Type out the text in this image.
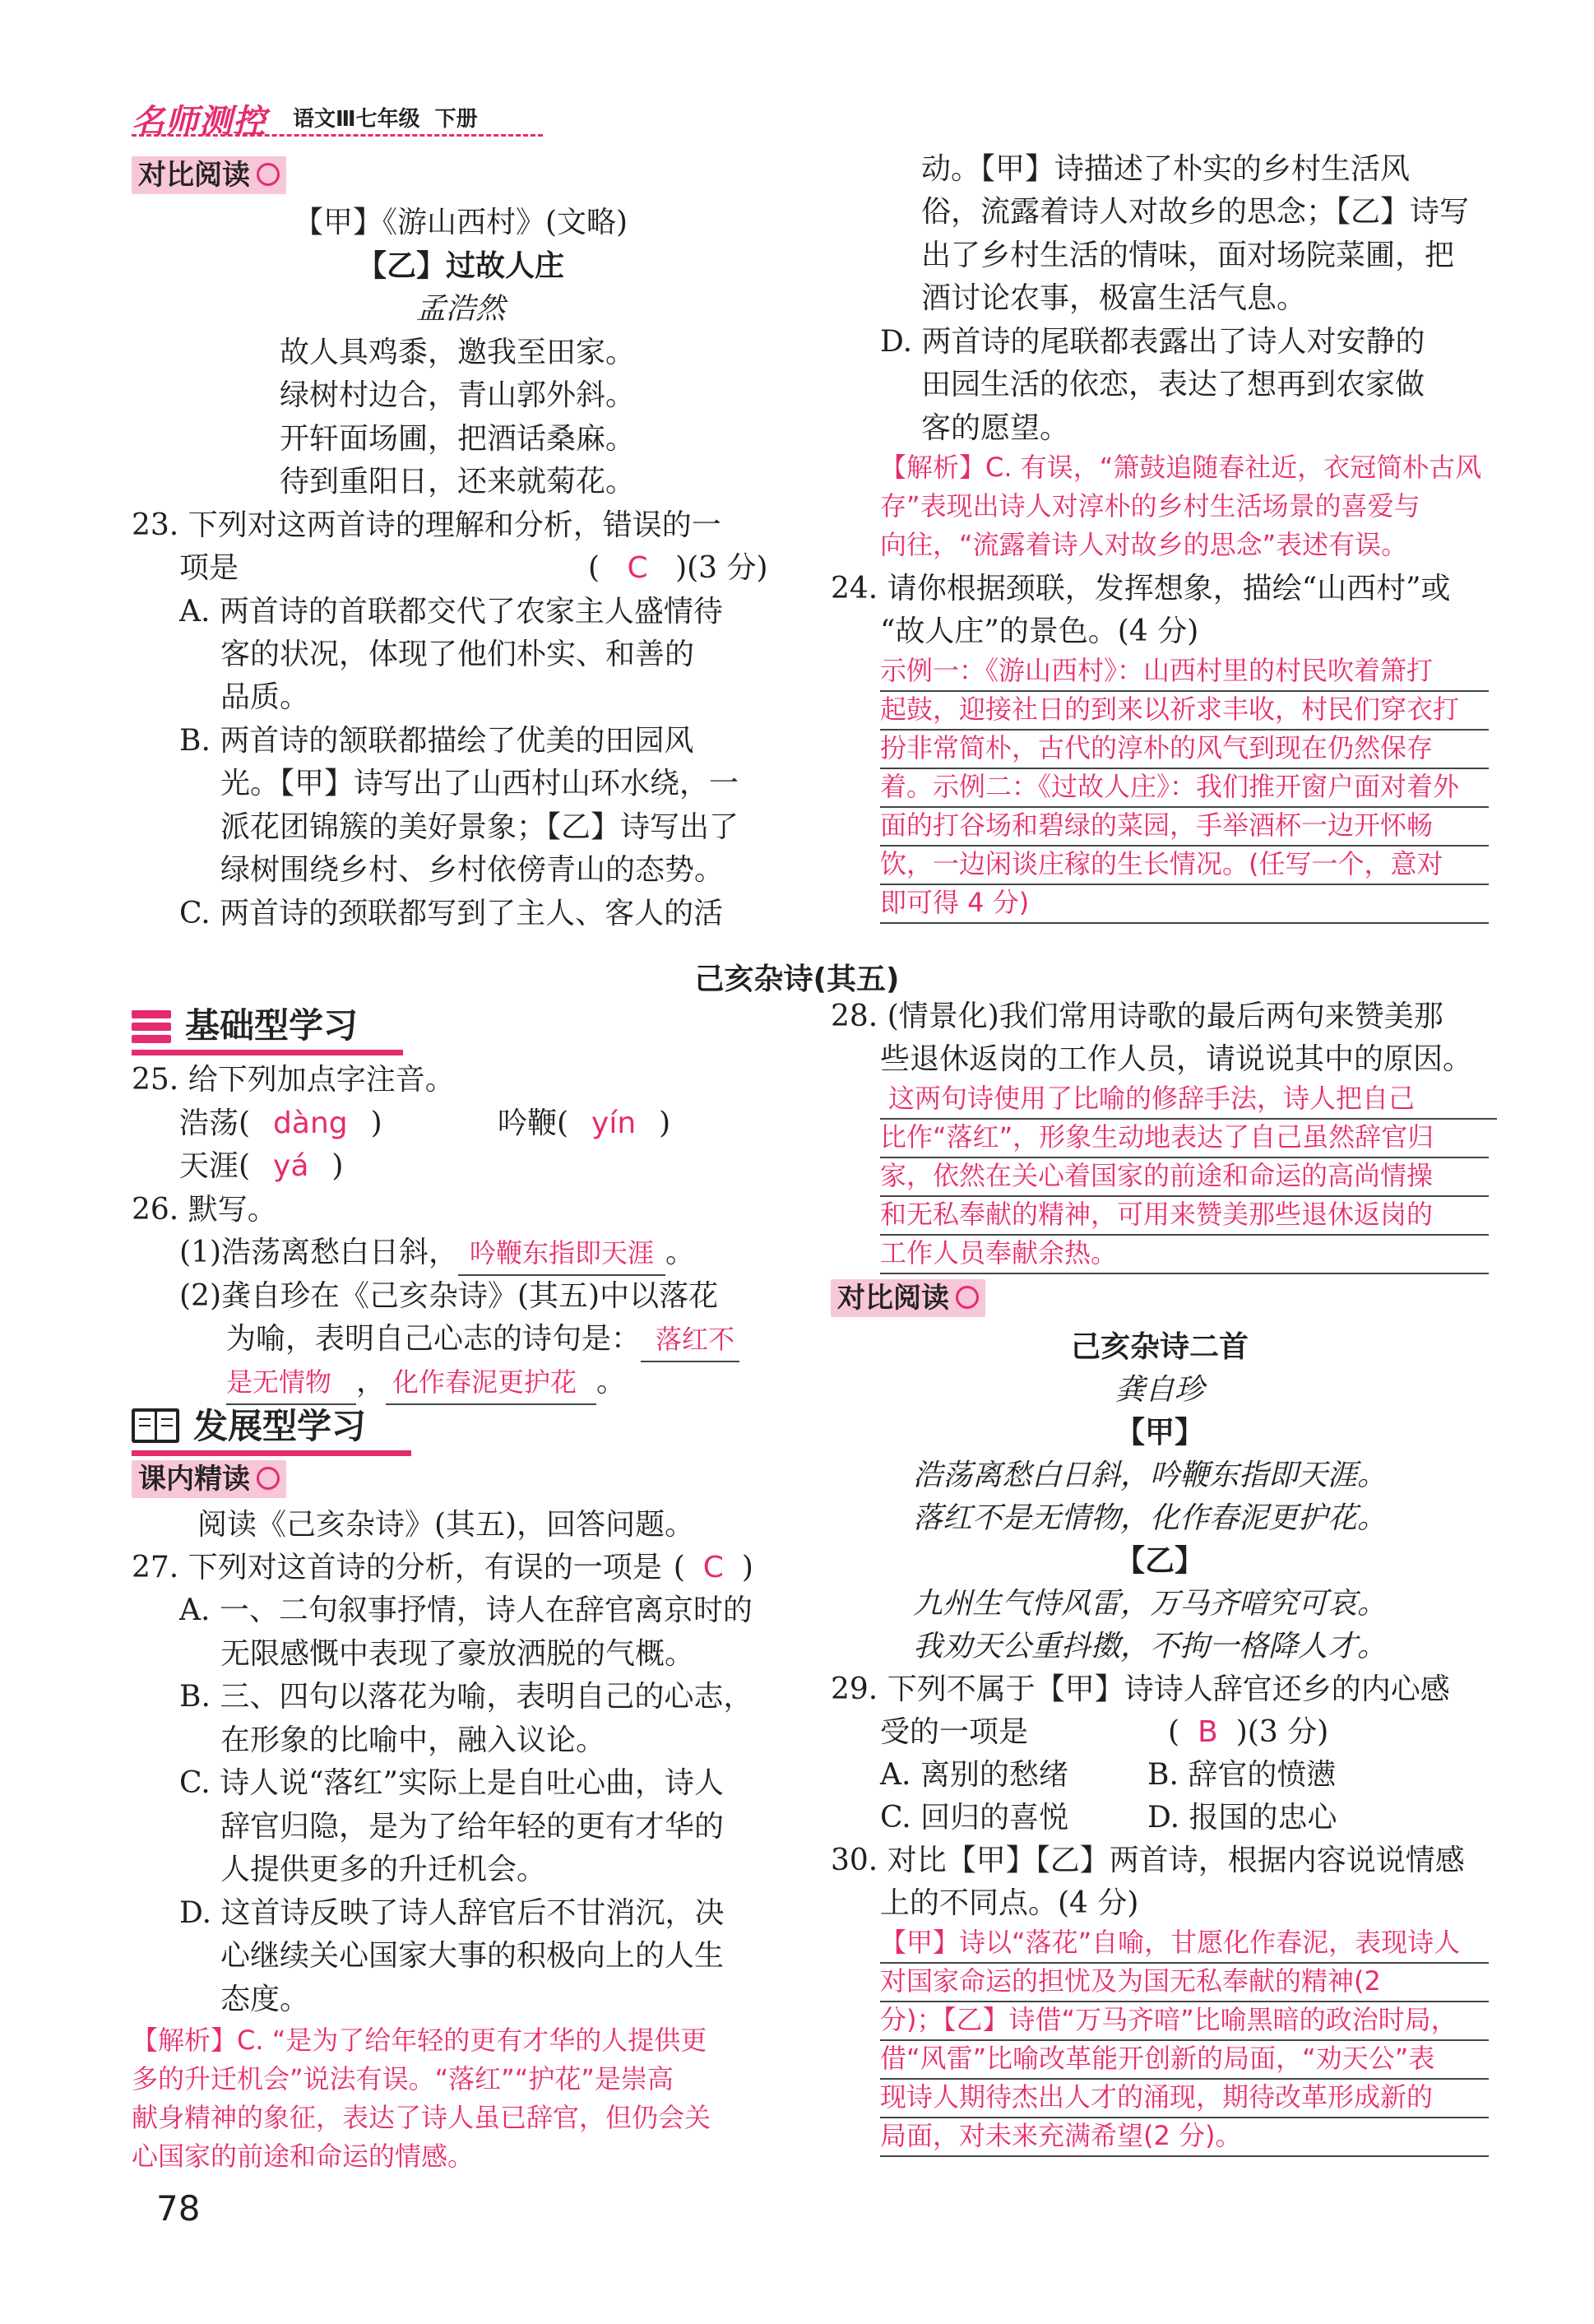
名师测控 语文Ⅲ七年级  下册
对比阅读
【甲】《游山西村》(文略)
【乙】过故人庄
孟浩然
故人具鸡黍，邀我至田家。
绿树村边合，青山郭外斜。
开轩面场圃，把酒话桑麻。
待到重阳日，还来就菊花。
23. 下列对这两首诗的理解和分析，错误的一
项是	( C )(3 分)
A. 两首诗的首联都交代了农家主人盛情待
客的状况，体现了他们朴实、和善的
品质。
B. 两首诗的颔联都描绘了优美的田园风
光。【甲】诗写出了山西村山环水绕，一
派花团锦簇的美好景象；【乙】诗写出了
绿树围绕乡村、乡村依傍青山的态势。
C. 两首诗的颈联都写到了主人、客人的活
动。【甲】诗描述了朴实的乡村生活风
俗，流露着诗人对故乡的思念；【乙】诗写
出了乡村生活的情味，面对场院菜圃，把
酒讨论农事，极富生活气息。
D. 两首诗的尾联都表露出了诗人对安静的
田园生活的依恋，表达了想再到农家做
客的愿望。
【解析】C. 有误，“箫鼓追随春社近，衣冠简朴古风
存”表现出诗人对淳朴的乡村生活场景的喜爱与
向往，“流露着诗人对故乡的思念”表述有误。
24. 请你根据颈联，发挥想象，描绘“山西村”或
“故人庄”的景色。(4 分)
示例一：《游山西村》：山西村里的村民吹着箫打
起鼓，迎接社日的到来以祈求丰收，村民们穿衣打
扮非常简朴，古代的淳朴的风气到现在仍然保存
着。示例二：《过故人庄》：我们推开窗户面对着外
面的打谷场和碧绿的菜园，手举酒杯一边开怀畅
饮，一边闲谈庄稼的生长情况。(任写一个，意对
即可得 4 分)
己亥杂诗(其五)
基础型学习
25. 给下列加点字注音。
浩荡( dàng )	吟鞭( yín )
天涯( yá )
26. 默写。
(1)浩荡离愁白日斜， 吟鞭东指即天涯 。
(2)龚自珍在《己亥杂诗》(其五)中以落花
为喻，表明自己心志的诗句是： 落红不
是无情物 ， 化作春泥更护花 。
发展型学习
课内精读
阅读《己亥杂诗》(其五)，回答问题。
27. 下列对这首诗的分析，有误的一项是 ( C )
A. 一、二句叙事抒情，诗人在辞官离京时的
无限感慨中表现了豪放洒脱的气概。
B. 三、四句以落花为喻，表明自己的心志，
在形象的比喻中，融入议论。
C. 诗人说“落红”实际上是自吐心曲，诗人
辞官归隐，是为了给年轻的更有才华的
人提供更多的升迁机会。
D. 这首诗反映了诗人辞官后不甘消沉，决
心继续关心国家大事的积极向上的人生
态度。
【解析】C. “是为了给年轻的更有才华的人提供更
多的升迁机会”说法有误。“落红”“护花”是崇高
献身精神的象征，表达了诗人虽已辞官，但仍会关
心国家的前途和命运的情感。
78
28. (情景化)我们常用诗歌的最后两句来赞美那
些退休返岗的工作人员，请说说其中的原因。
这两句诗使用了比喻的修辞手法，诗人把自己
比作“落红”，形象生动地表达了自己虽然辞官归
家，依然在关心着国家的前途和命运的高尚情操
和无私奉献的精神，可用来赞美那些退休返岗的
工作人员奉献余热。
对比阅读
己亥杂诗二首
龚自珍
【甲】
浩荡离愁白日斜，吟鞭东指即天涯。
落红不是无情物，化作春泥更护花。
【乙】
九州生气恃风雷，万马齐喑究可哀。
我劝天公重抖擞，不拘一格降人才。
29. 下列不属于【甲】诗诗人辞官还乡的内心感
受的一项是	( B )(3 分)
A. 离别的愁绪	B. 辞官的愤懑
C. 回归的喜悦	D. 报国的忠心
30. 对比【甲】【乙】两首诗，根据内容说说情感
上的不同点。(4 分)
【甲】诗以“落花”自喻，甘愿化作春泥，表现诗人
对国家命运的担忧及为国无私奉献的精神(2
分)；【乙】诗借“万马齐喑”比喻黑暗的政治时局，
借“风雷”比喻改革能开创新的局面，“劝天公”表
现诗人期待杰出人才的涌现，期待改革形成新的
局面，对未来充满希望(2 分)。
